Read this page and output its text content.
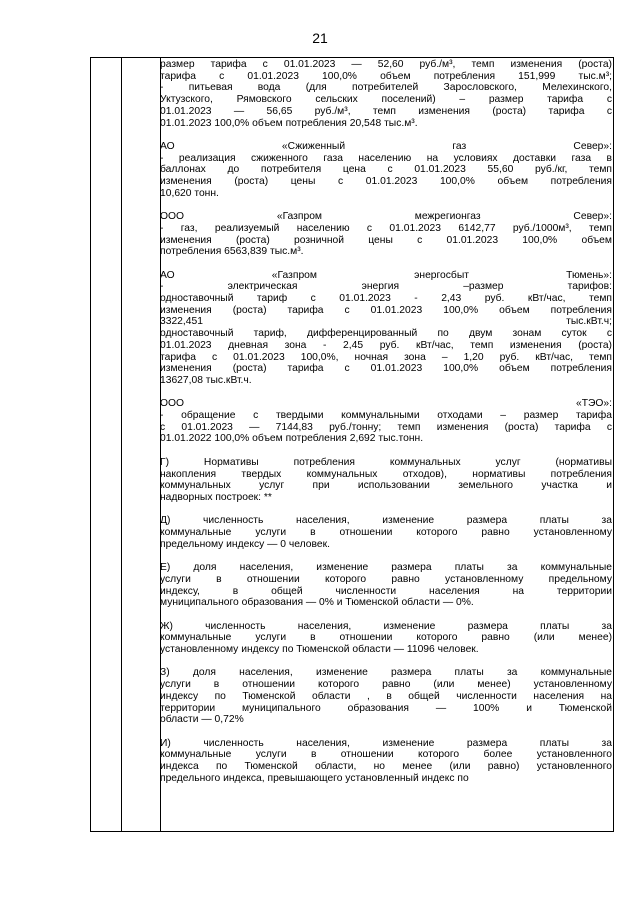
21
размер тарифа с 01.01.2023 — 52,60 руб./м³, темп изменения (роста)
тарифа с 01.01.2023 100,0% объем потребления 151,999 тыс.м³;
- питьевая вода (для потребителей Зарословского, Мелехинского,
Уктузского, Рямовского сельских поселений) – размер тарифа с
01.01.2023 — 56,65 руб./м³, темп изменения (роста) тарифа с
01.01.2023 100,0% объем потребления 20,548 тыс.м³.
АО «Сжиженный газ Север»:
- реализация сжиженного газа населению на условиях доставки газа в
баллонах до потребителя цена с 01.01.2023 55,60 руб./кг, темп
изменения (роста) цены с 01.01.2023 100,0% объем потребления
10,620 тонн.
ООО «Газпром межрегионгаз Север»:
- газ, реализуемый населению с 01.01.2023 6142,77 руб./1000м³, темп
изменения (роста) розничной цены с 01.01.2023 100,0% объем
потребления 6563,839 тыс.м³.
АО «Газпром энергосбыт Тюмень»:
- электрическая энергия –размер тарифов:
одноставочный тариф с 01.01.2023 - 2,43 руб. кВт/час, темп
изменения (роста) тарифа с 01.01.2023 100,0% объем потребления
3322,451 тыс.кВт.ч;
одноставочный тариф, дифференцированный по двум зонам суток с
01.01.2023 дневная зона - 2,45 руб. кВт/час, темп изменения (роста)
тарифа с 01.01.2023 100,0%, ночная зона – 1,20 руб. кВт/час, темп
изменения (роста) тарифа с 01.01.2023 100,0% объем потребления
13627,08 тыс.кВт.ч.
ООО «ТЭО»:
- обращение с твердыми коммунальными отходами – размер тарифа
с 01.01.2023 — 7144,83 руб./тонну; темп изменения (роста) тарифа с
01.01.2022 100,0% объем потребления 2,692 тыс.тонн.
Г) Нормативы потребления коммунальных услуг (нормативы
накопления твердых коммунальных отходов), нормативы потребления
коммунальных услуг при использовании земельного участка и
надворных построек: **
Д) численность населения, изменение размера платы за
коммунальные услуги в отношении которого равно установленному
предельному индексу — 0 человек.
Е) доля населения, изменение размера платы за коммунальные
услуги в отношении которого равно установленному предельному
индексу, в общей численности населения на территории
муниципального образования — 0% и Тюменской области — 0%.
Ж) численность населения, изменение размера платы за
коммунальные услуги в отношении которого равно (или менее)
установленному индексу по Тюменской области — 11096 человек.
З) доля населения, изменение размера платы за коммунальные
услуги в отношении которого равно (или менее) установленному
индексу по Тюменской области , в общей численности населения на
территории муниципального образования — 100% и Тюменской
области — 0,72%
И) численность населения, изменение размера платы за
коммунальные услуги в отношении которого более установленного
индекса по Тюменской области, но менее (или равно) установленного
предельного индекса, превышающего установленный индекс по
